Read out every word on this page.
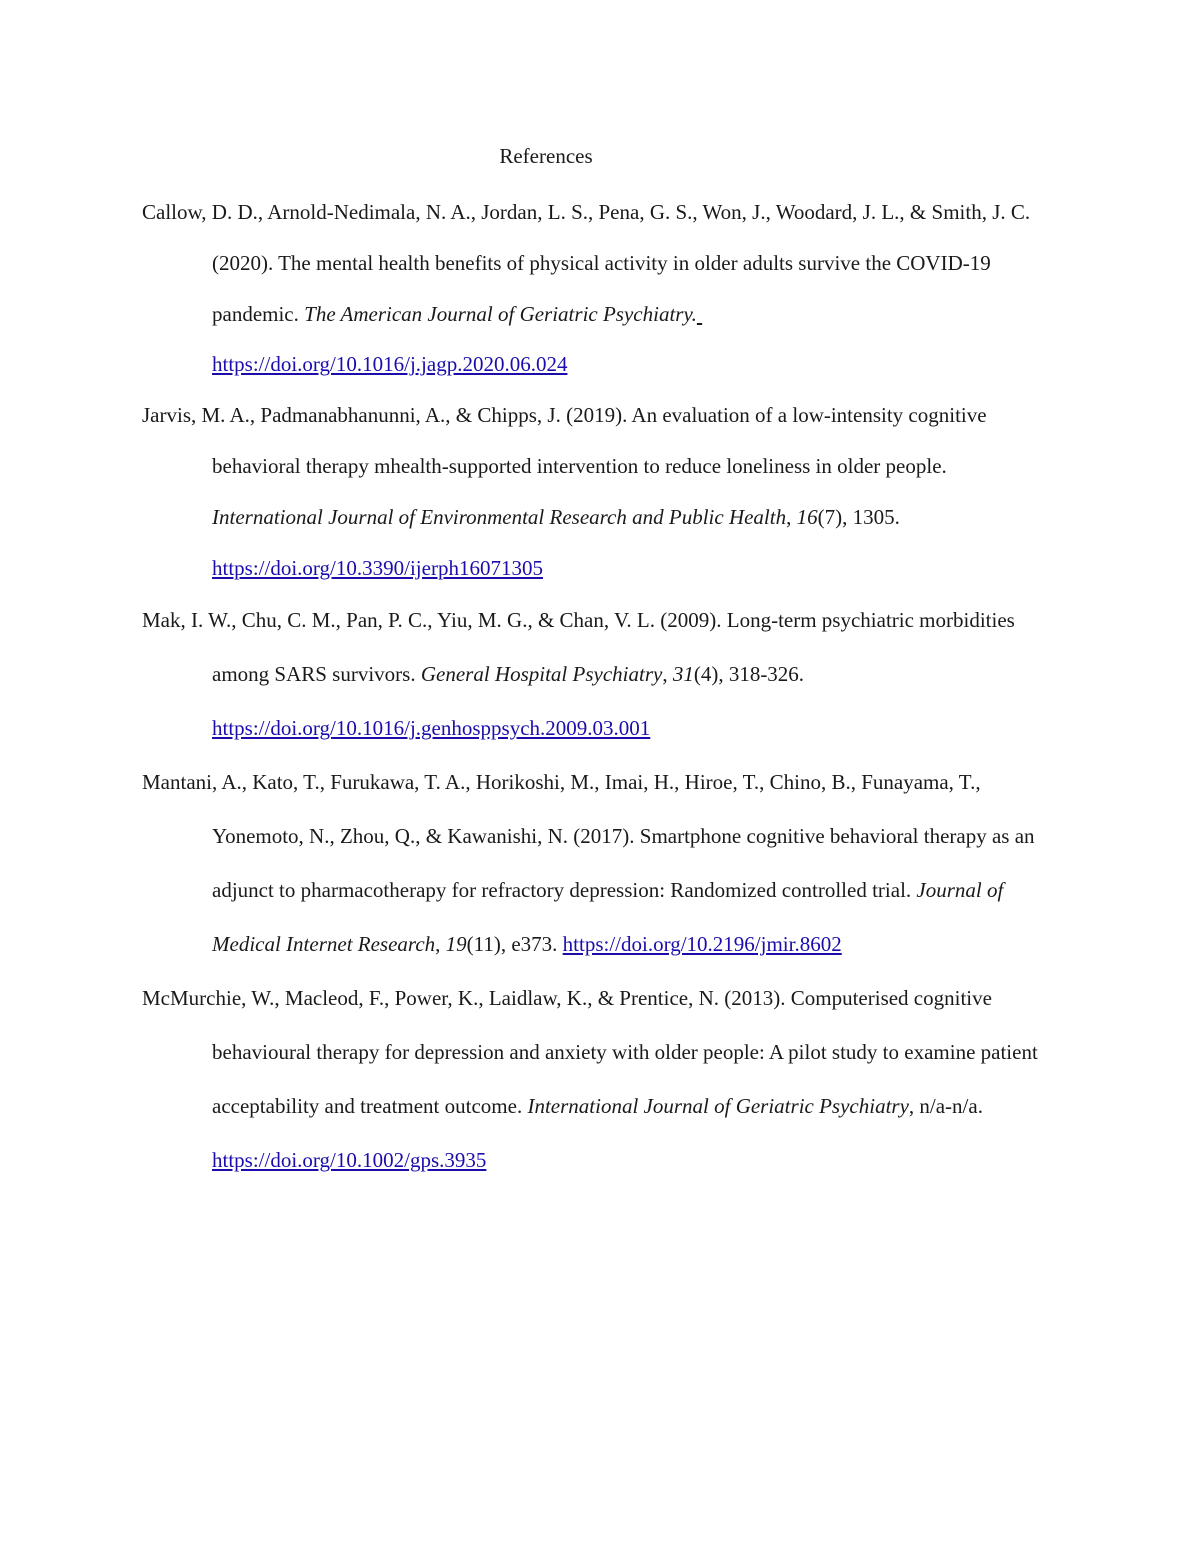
References

Callow, D. D., Arnold-Nedimala, N. A., Jordan, L. S., Pena, G. S., Won, J., Woodard, J. L., & Smith, J. C. (2020). The mental health benefits of physical activity in older adults survive the COVID-19 pandemic. The American Journal of Geriatric Psychiatry.  https://doi.org/10.1016/j.jagp.2020.06.024

Jarvis, M. A., Padmanabhanunni, A., & Chipps, J. (2019). An evaluation of a low-intensity cognitive behavioral therapy mhealth-supported intervention to reduce loneliness in older people. International Journal of Environmental Research and Public Health, 16(7), 1305. https://doi.org/10.3390/ijerph16071305

Mak, I. W., Chu, C. M., Pan, P. C., Yiu, M. G., & Chan, V. L. (2009). Long-term psychiatric morbidities among SARS survivors. General Hospital Psychiatry, 31(4), 318-326. https://doi.org/10.1016/j.genhosppsych.2009.03.001

Mantani, A., Kato, T., Furukawa, T. A., Horikoshi, M., Imai, H., Hiroe, T., Chino, B., Funayama, T., Yonemoto, N., Zhou, Q., & Kawanishi, N. (2017). Smartphone cognitive behavioral therapy as an adjunct to pharmacotherapy for refractory depression: Randomized controlled trial. Journal of Medical Internet Research, 19(11), e373. https://doi.org/10.2196/jmir.8602

McMurchie, W., Macleod, F., Power, K., Laidlaw, K., & Prentice, N. (2013). Computerised cognitive behavioural therapy for depression and anxiety with older people: A pilot study to examine patient acceptability and treatment outcome. International Journal of Geriatric Psychiatry, n/a-n/a. https://doi.org/10.1002/gps.3935
